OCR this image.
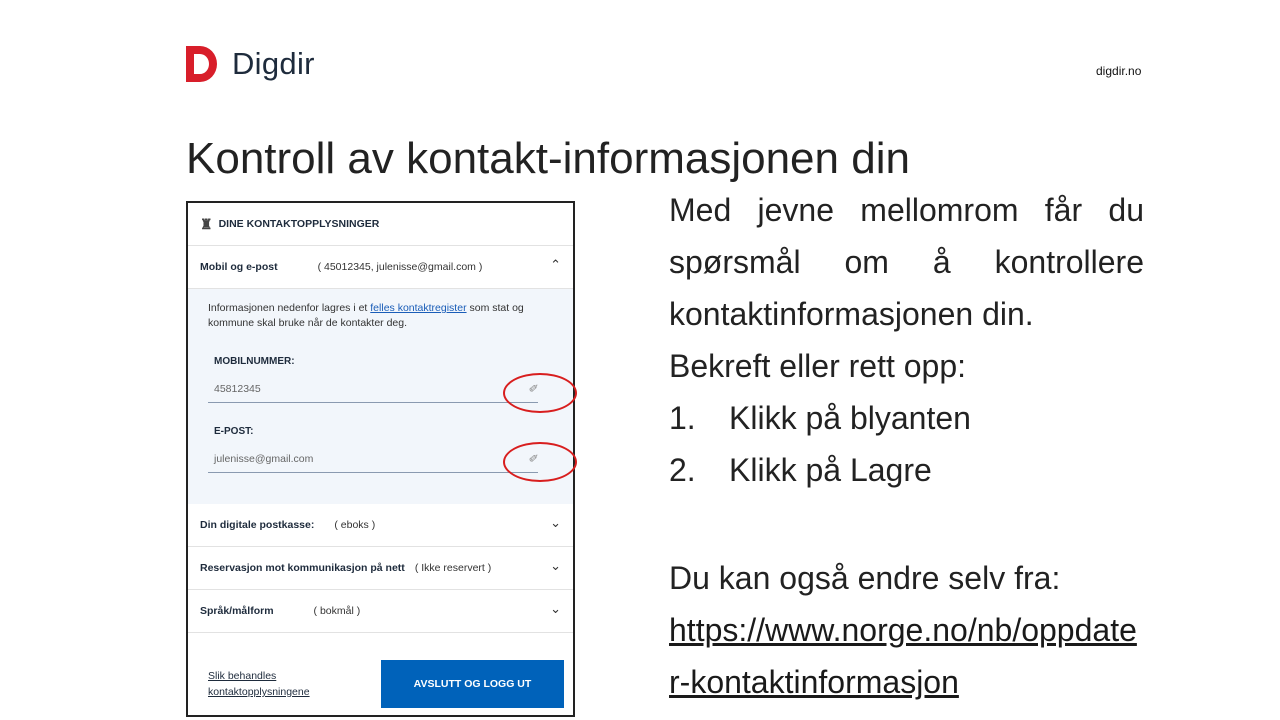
Digdir	digdir.no
Kontroll av kontakt-informasjonen din
♜ DINE KONTAKTOPPLYSNINGER
Mobil og e-post	( 45012345, julenisse@gmail.com )	⌃
Informasjonen nedenfor lagres i et felles kontaktregister som stat og kommune skal bruke når de kontakter deg.
MOBILNUMMER:
45812345	✏
E-POST:
julenisse@gmail.com	✏
Din digitale postkasse: ( eboks )	⌄
Reservasjon mot kommunikasjon på nett ( Ikke reservert )	⌄
Språk/målform	( bokmål )	⌄
Slik behandles kontaktopplysningene
AVSLUTT OG LOGG UT
Med jevne mellomrom får du
spørsmål om å kontrollere
kontaktinformasjonen din.
Bekreft eller rett opp:
1.	Klikk på blyanten
2.	Klikk på Lagre
Du kan også endre selv fra:
https://www.norge.no/nb/oppdater-kontaktinformasjon
